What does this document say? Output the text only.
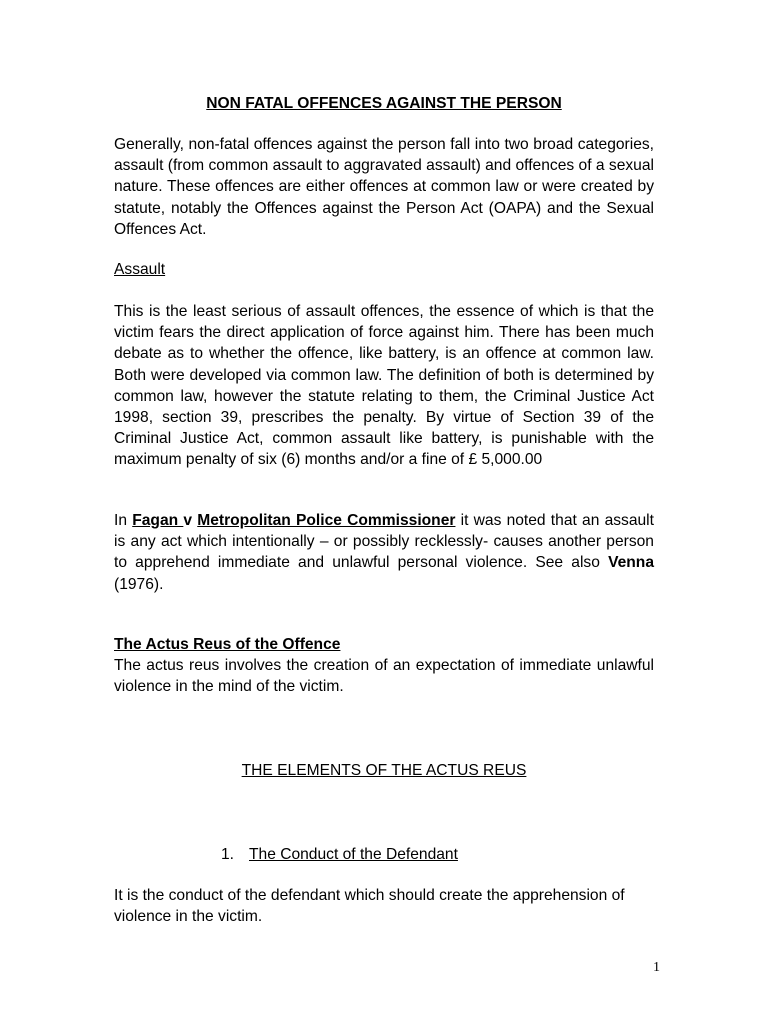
NON FATAL OFFENCES AGAINST THE PERSON

Generally, non-fatal offences against the person fall into two broad categories, assault (from common assault to aggravated assault) and offences of a sexual nature. These offences are either offences at common law or were created by statute, notably the Offences against the Person Act (OAPA) and the Sexual Offences Act.

Assault

This is the least serious of assault offences, the essence of which is that the victim fears the direct application of force against him. There has been much debate as to whether the offence, like battery, is an offence at common law. Both were developed via common law. The definition of both is determined by common law, however the statute relating to them, the Criminal Justice Act 1998, section 39, prescribes the penalty. By virtue of Section 39 of the Criminal Justice Act, common assault like battery, is punishable with the maximum penalty of six (6) months and/or a fine of £ 5,000.00

In Fagan v Metropolitan Police Commissioner it was noted that an assault is any act which intentionally – or possibly recklessly- causes another person to apprehend immediate and unlawful personal violence. See also Venna (1976).

The Actus Reus of the Offence

The actus reus involves the creation of an expectation of immediate unlawful violence in the mind of the victim.

THE ELEMENTS OF THE ACTUS REUS

1. The Conduct of the Defendant

It is the conduct of the defendant which should create the apprehension of violence in the victim.

1
